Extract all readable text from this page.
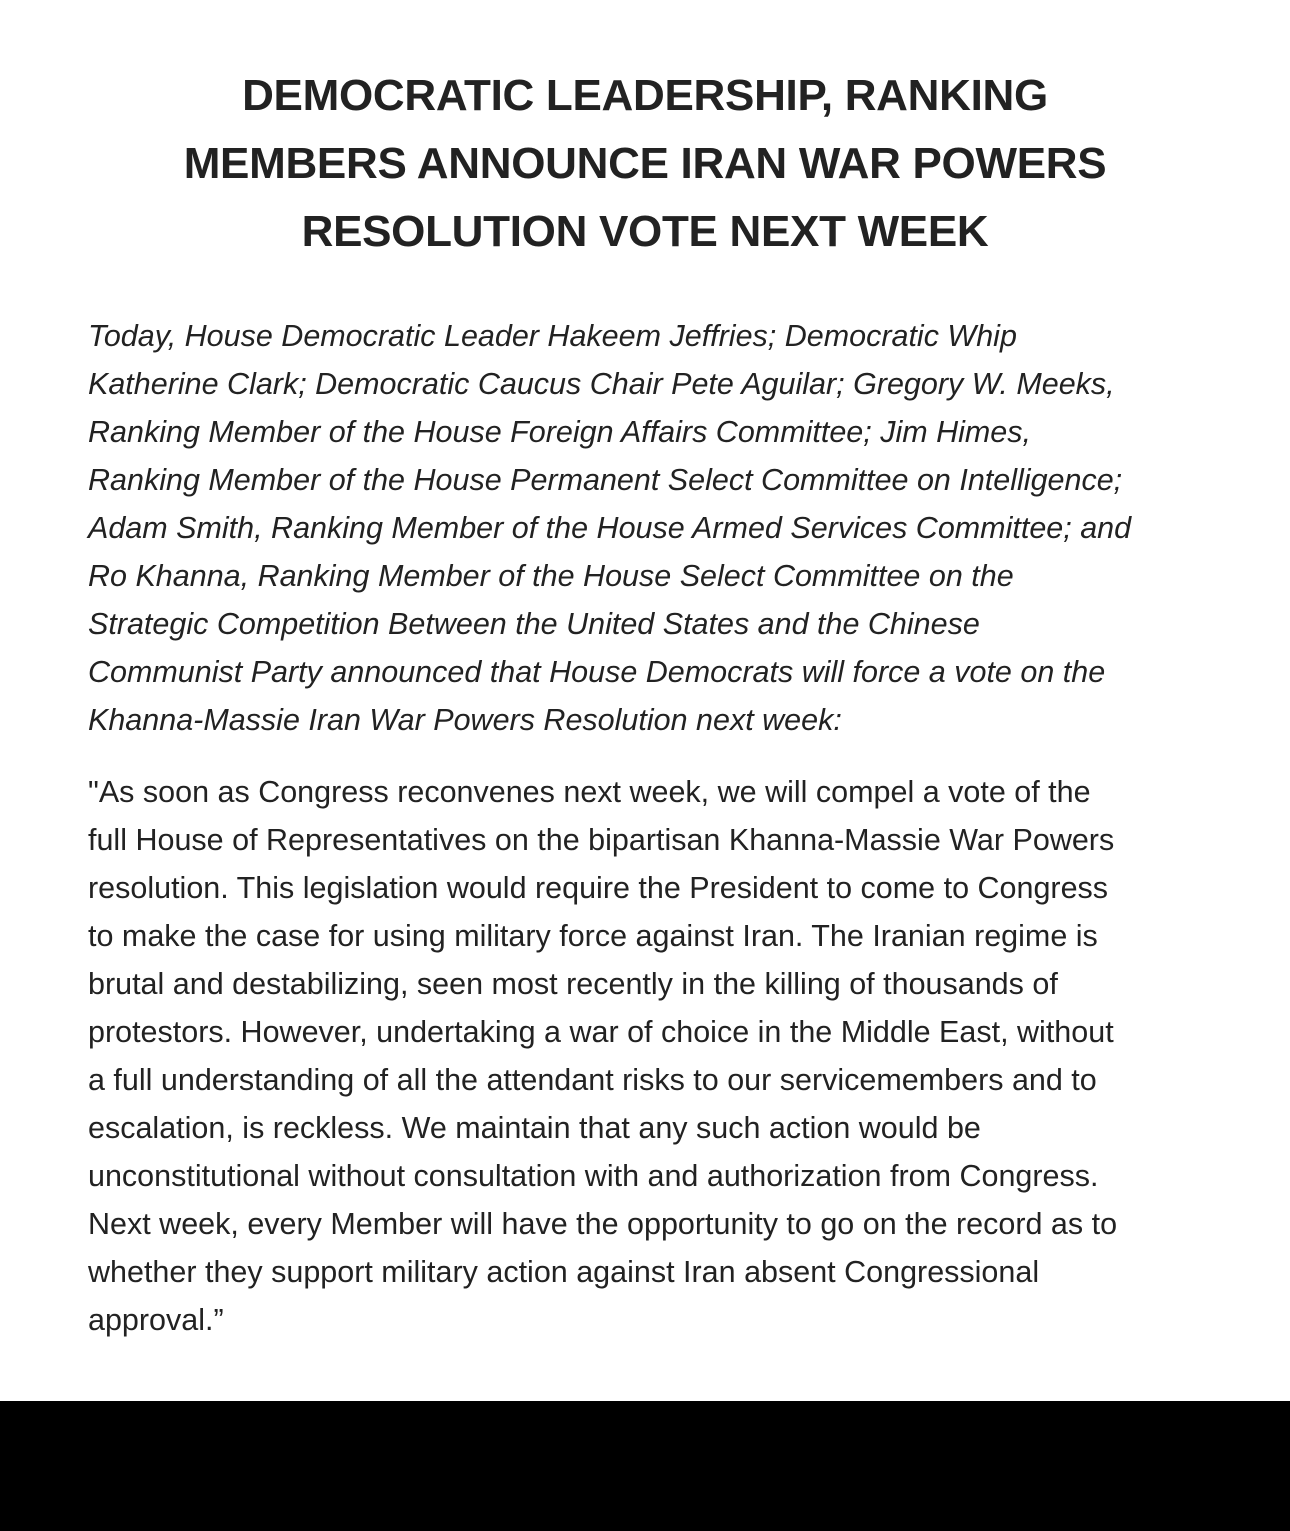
DEMOCRATIC LEADERSHIP, RANKING
MEMBERS ANNOUNCE IRAN WAR POWERS
RESOLUTION VOTE NEXT WEEK

Today, House Democratic Leader Hakeem Jeffries; Democratic Whip
Katherine Clark; Democratic Caucus Chair Pete Aguilar; Gregory W. Meeks,
Ranking Member of the House Foreign Affairs Committee; Jim Himes,
Ranking Member of the House Permanent Select Committee on Intelligence;
Adam Smith, Ranking Member of the House Armed Services Committee; and
Ro Khanna, Ranking Member of the House Select Committee on the
Strategic Competition Between the United States and the Chinese
Communist Party announced that House Democrats will force a vote on the
Khanna-Massie Iran War Powers Resolution next week:

"As soon as Congress reconvenes next week, we will compel a vote of the
full House of Representatives on the bipartisan Khanna-Massie War Powers
resolution. This legislation would require the President to come to Congress
to make the case for using military force against Iran. The Iranian regime is
brutal and destabilizing, seen most recently in the killing of thousands of
protestors. However, undertaking a war of choice in the Middle East, without
a full understanding of all the attendant risks to our servicemembers and to
escalation, is reckless. We maintain that any such action would be
unconstitutional without consultation with and authorization from Congress.
Next week, every Member will have the opportunity to go on the record as to
whether they support military action against Iran absent Congressional
approval.”
